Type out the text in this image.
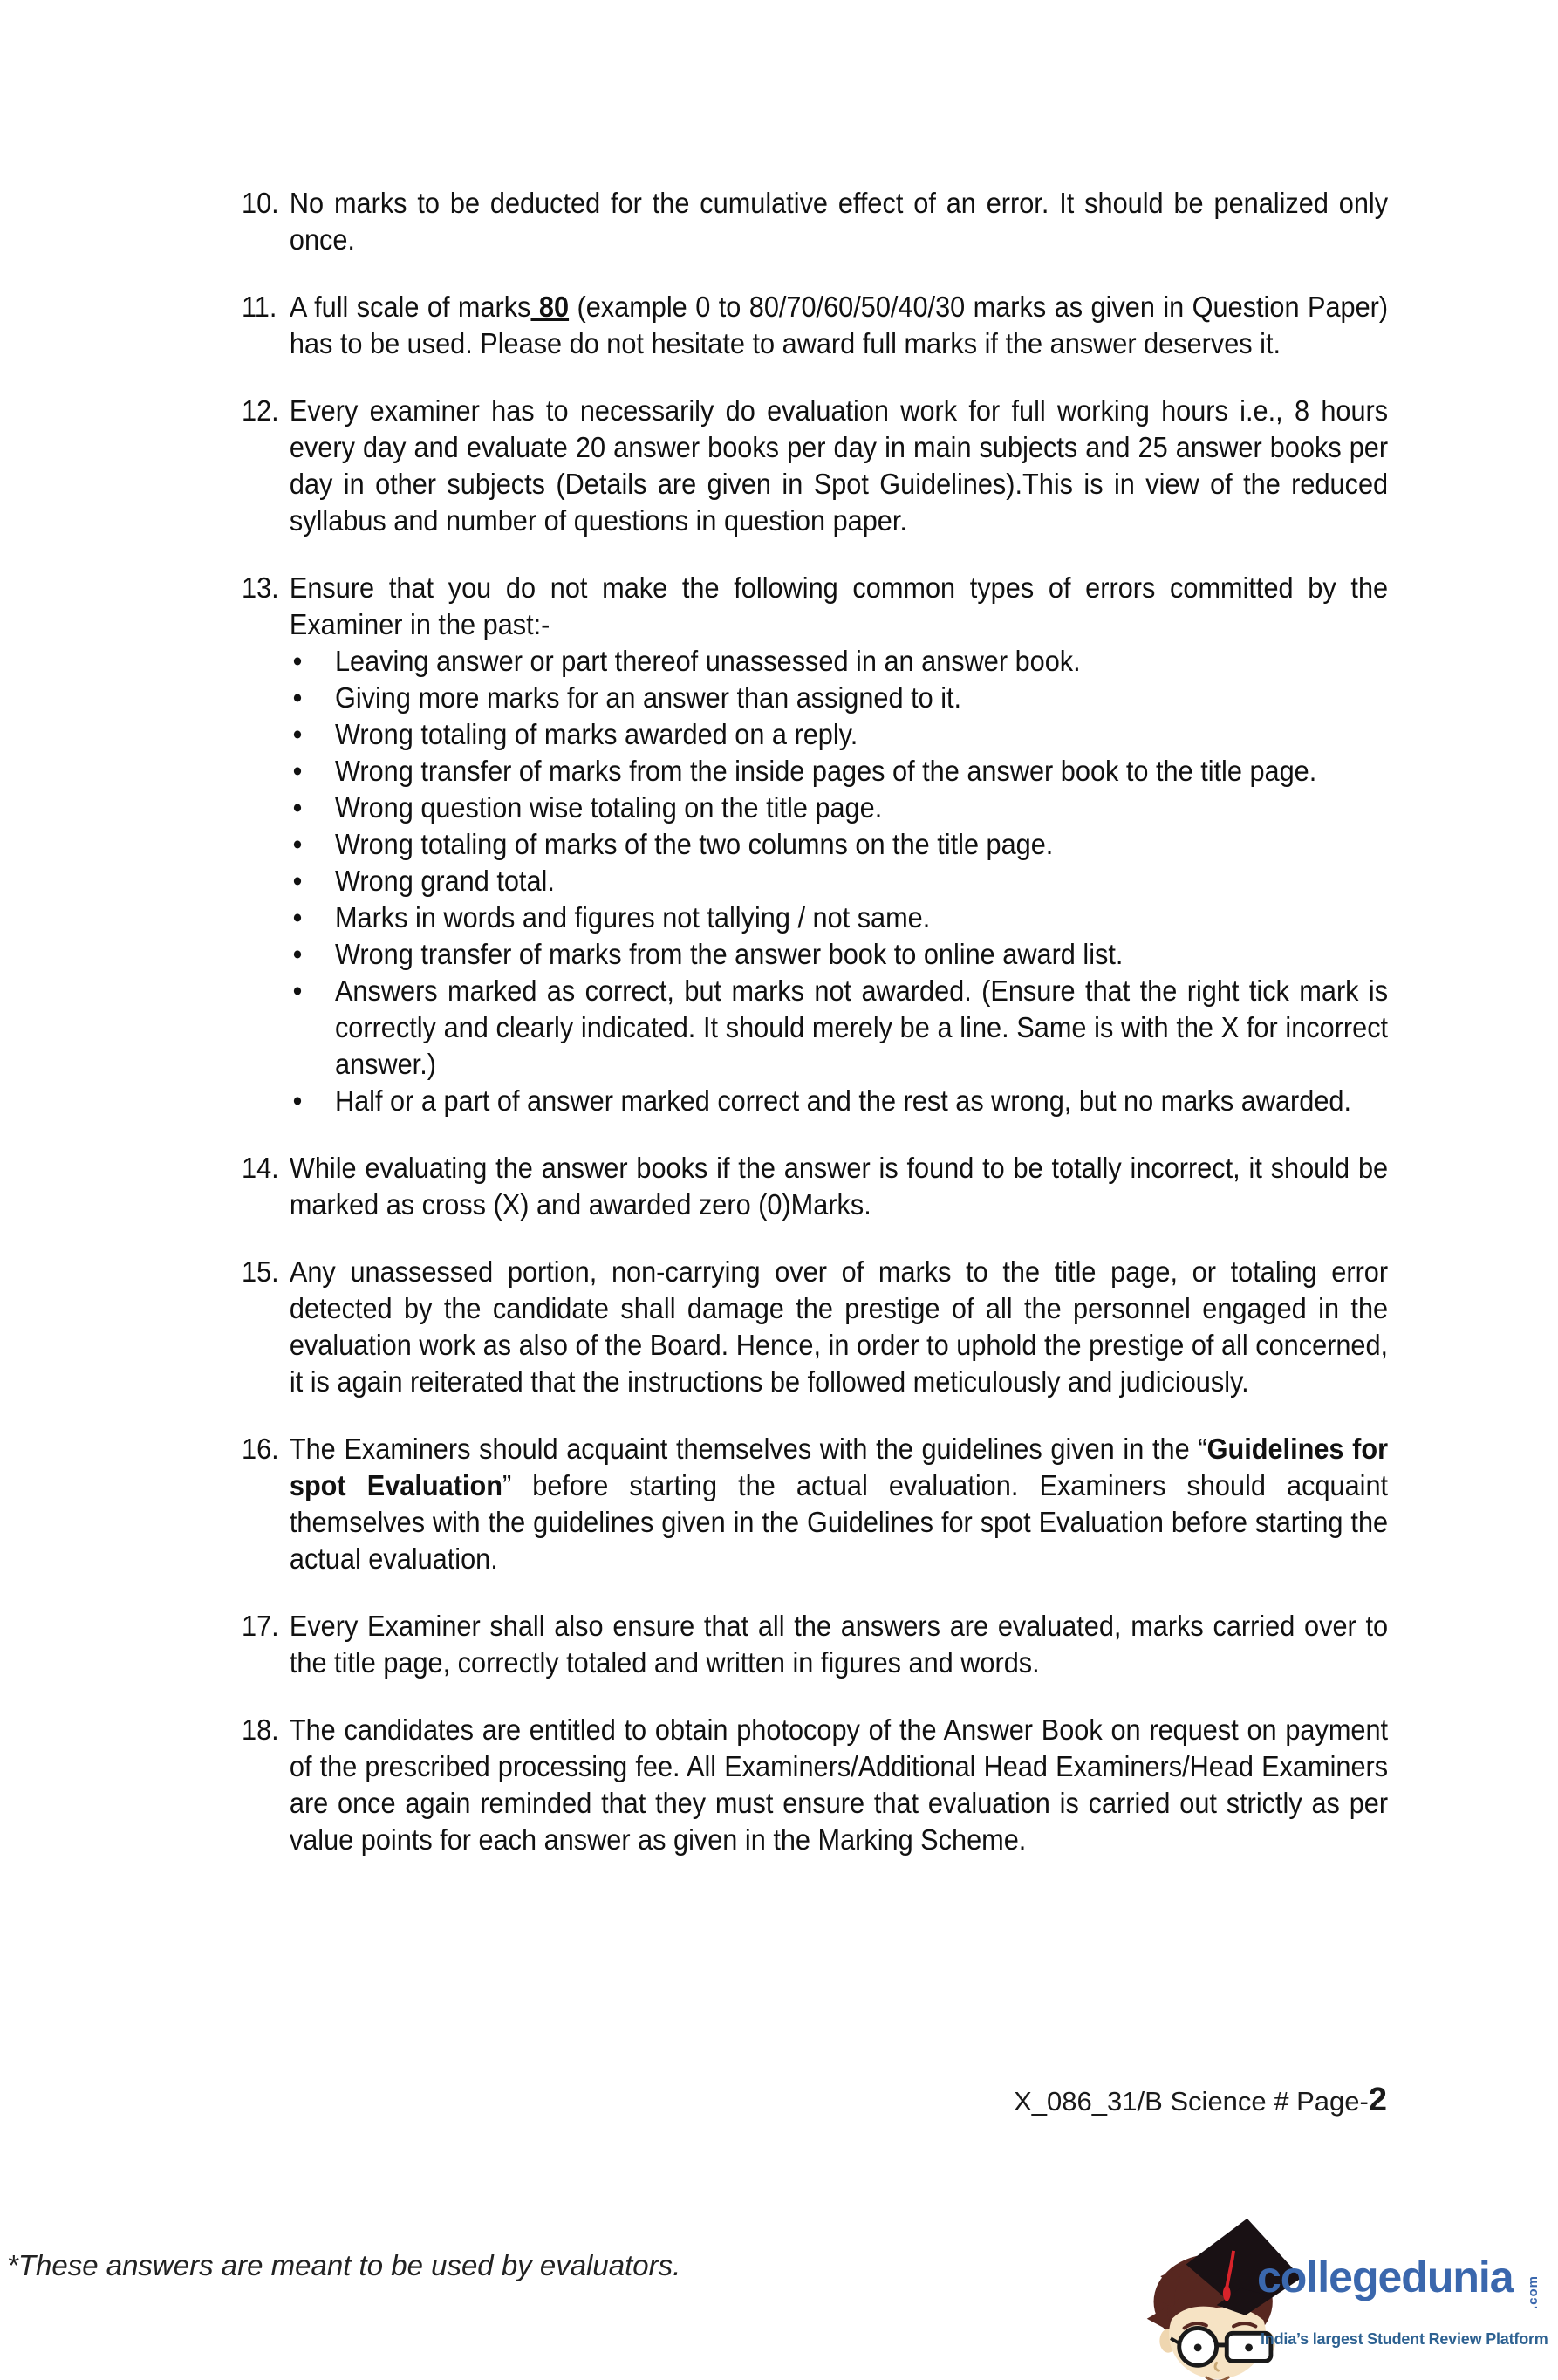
10. No marks to be deducted for the cumulative effect of an error. It should be penalized only once.
11. A full scale of marks 80 (example 0 to 80/70/60/50/40/30 marks as given in Question Paper) has to be used. Please do not hesitate to award full marks if the answer deserves it.
12. Every examiner has to necessarily do evaluation work for full working hours i.e., 8 hours every day and evaluate 20 answer books per day in main subjects and 25 answer books per day in other subjects (Details are given in Spot Guidelines).This is in view of the reduced syllabus and number of questions in question paper.
13. Ensure that you do not make the following common types of errors committed by the Examiner in the past:-
•	Leaving answer or part thereof unassessed in an answer book.
•	Giving more marks for an answer than assigned to it.
•	Wrong totaling of marks awarded on a reply.
•	Wrong transfer of marks from the inside pages of the answer book to the title page.
•	Wrong question wise totaling on the title page.
•	Wrong totaling of marks of the two columns on the title page.
•	Wrong grand total.
•	Marks in words and figures not tallying / not same.
•	Wrong transfer of marks from the answer book to online award list.
•	Answers marked as correct, but marks not awarded. (Ensure that the right tick mark is correctly and clearly indicated. It should merely be a line. Same is with the X for incorrect answer.)
•	Half or a part of answer marked correct and the rest as wrong, but no marks awarded.
14. While evaluating the answer books if the answer is found to be totally incorrect, it should be marked as cross (X) and awarded zero (0)Marks.
15. Any unassessed portion, non-carrying over of marks to the title page, or totaling error detected by the candidate shall damage the prestige of all the personnel engaged in the evaluation work as also of the Board. Hence, in order to uphold the prestige of all concerned, it is again reiterated that the instructions be followed meticulously and judiciously.
16. The Examiners should acquaint themselves with the guidelines given in the “Guidelines for spot Evaluation” before starting the actual evaluation. Examiners should acquaint themselves with the guidelines given in the Guidelines for spot Evaluation before starting the actual evaluation.
17. Every Examiner shall also ensure that all the answers are evaluated, marks carried over to the title page, correctly totaled and written in figures and words.
18. The candidates are entitled to obtain photocopy of the Answer Book on request on payment of the prescribed processing fee. All Examiners/Additional Head Examiners/Head Examiners are once again reminded that they must ensure that evaluation is carried out strictly as per value points for each answer as given in the Marking Scheme.
X_086_31/B Science # Page-2
*These answers are meant to be used by evaluators.	collegedunia .com
India’s largest Student Review Platform
